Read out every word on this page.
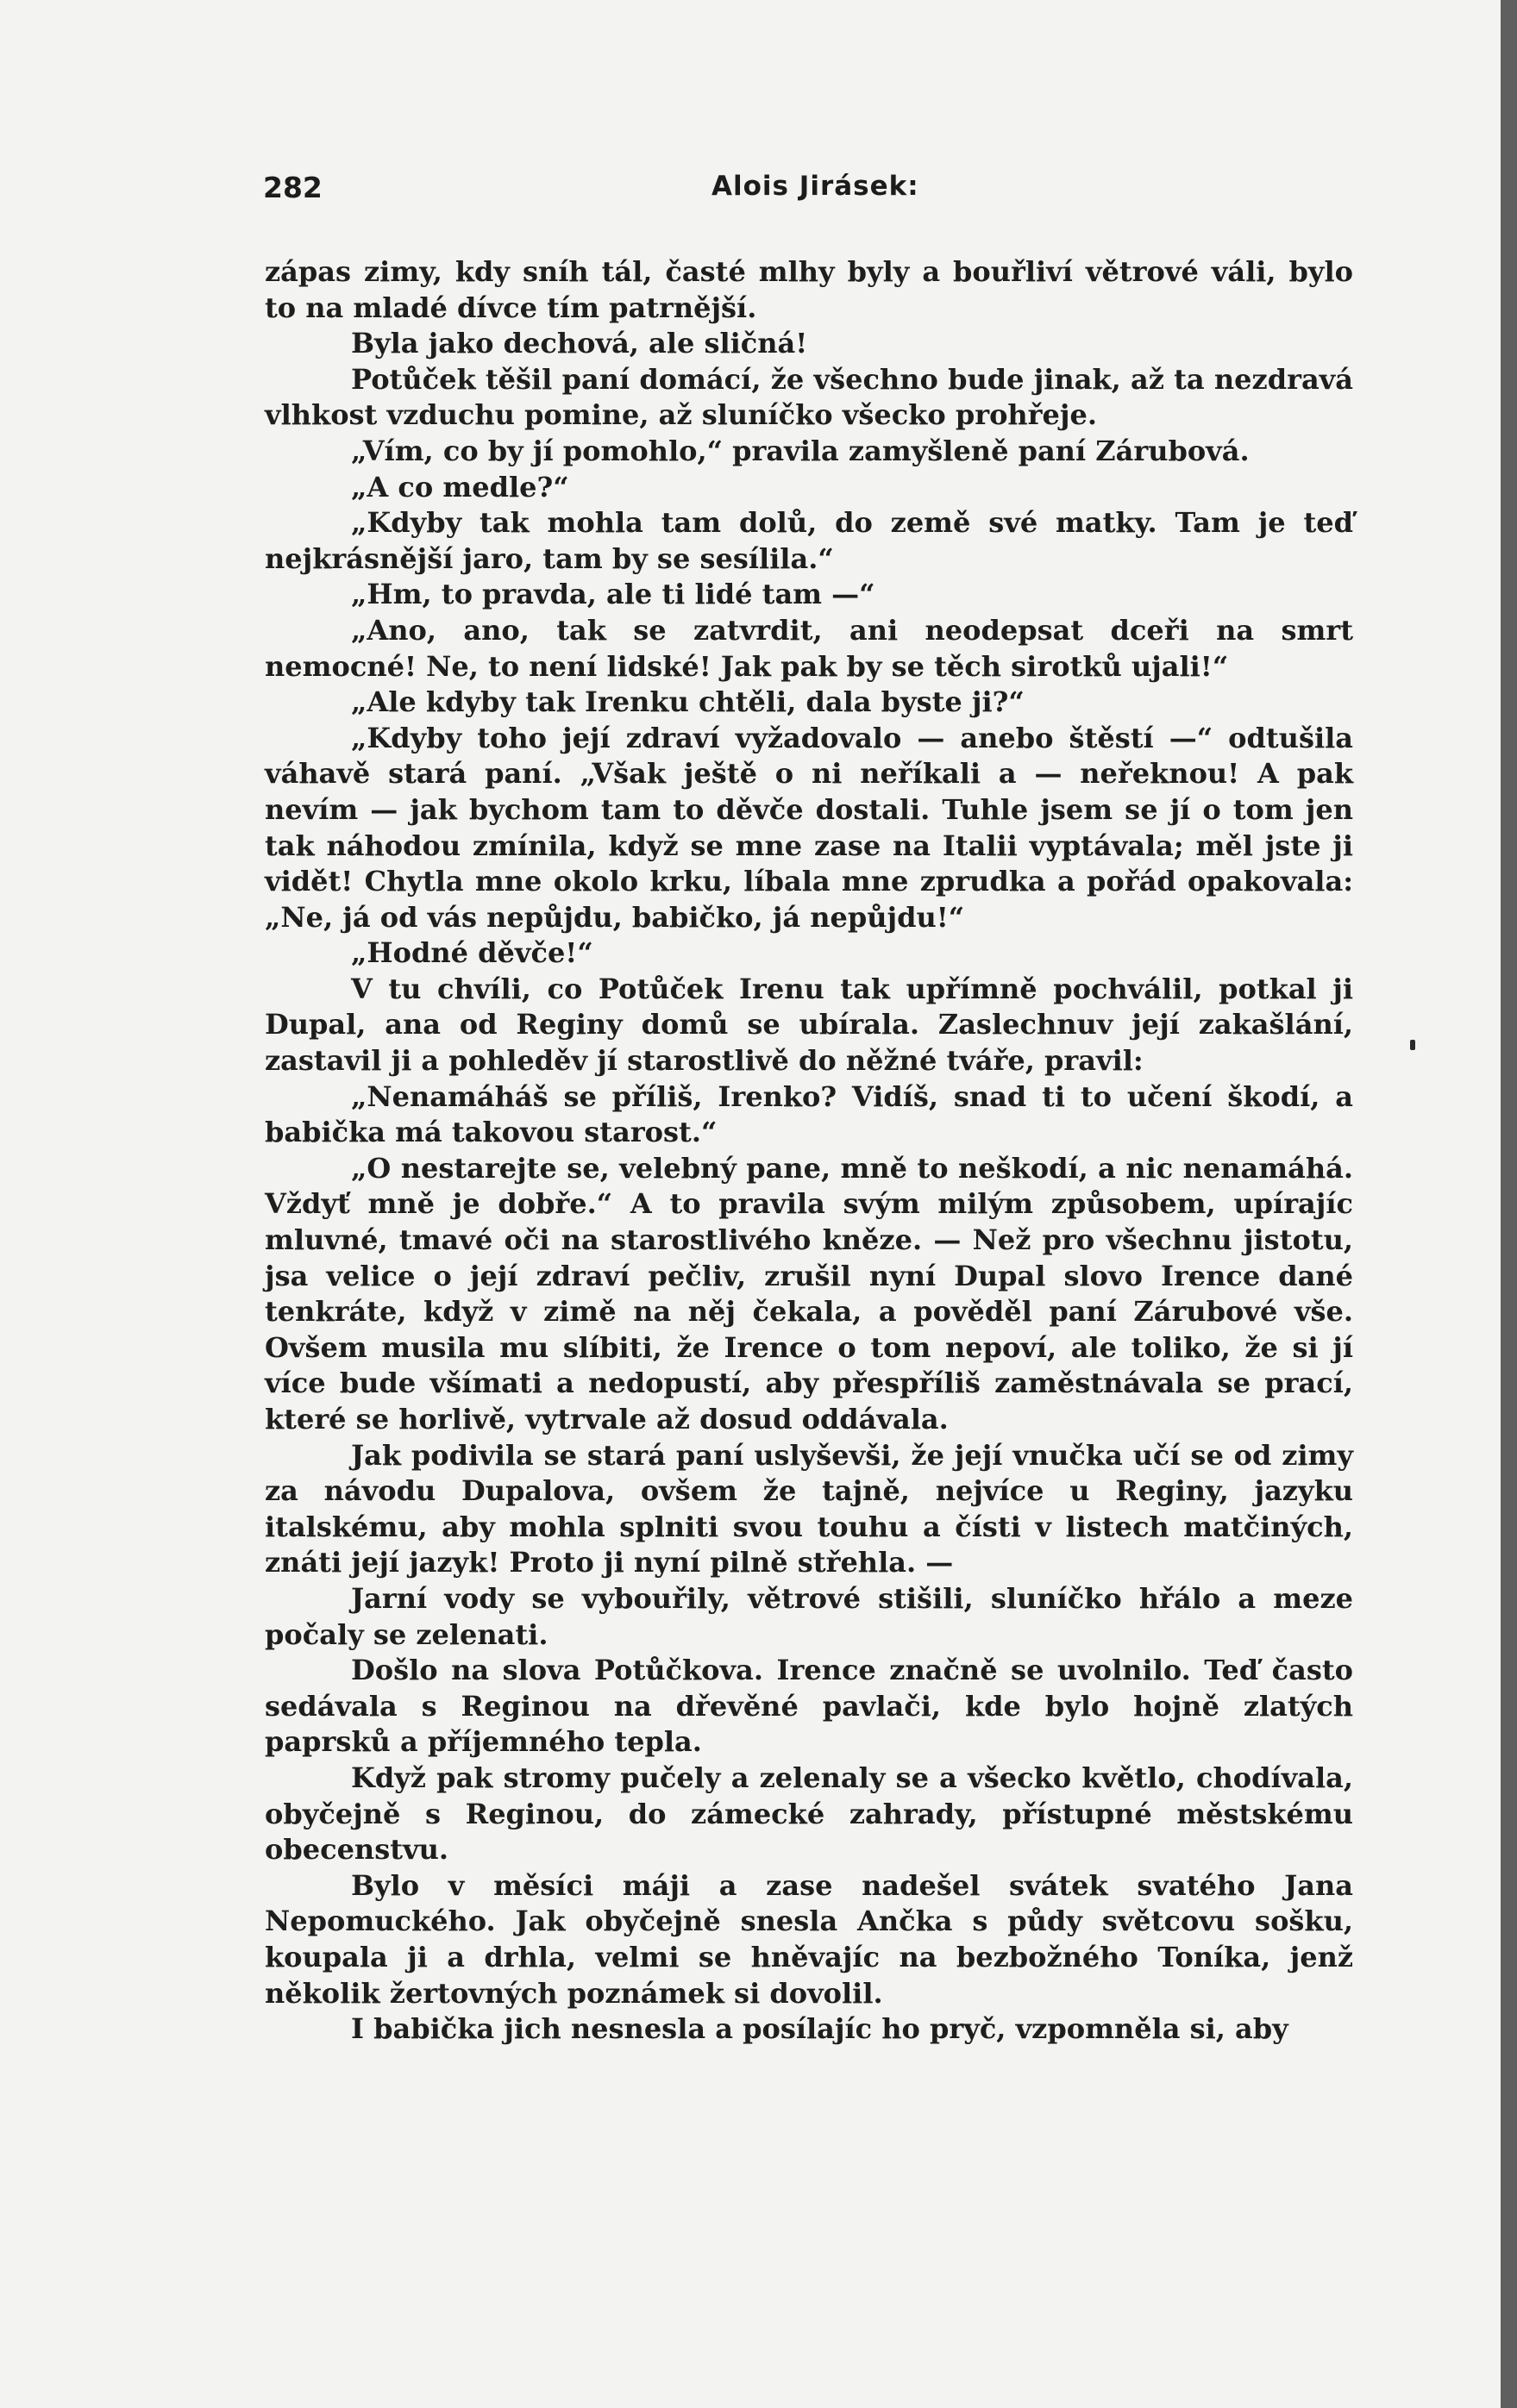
282	Alois Jirásek:

zápas zimy, kdy sníh tál, časté mlhy byly a bouřliví větrové váli, bylo to na mladé dívce tím patrnější.

Byla jako dechová, ale sličná!

Potůček těšil paní domácí, že všechno bude jinak, až ta nezdravá vlhkost vzduchu pomine, až sluníčko všecko prohřeje.

„Vím, co by jí pomohlo,“ pravila zamyšleně paní Zárubová.

„A co medle?“

„Kdyby tak mohla tam dolů, do země své matky. Tam je teď nejkrásnější jaro, tam by se sesílila.“

„Hm, to pravda, ale ti lidé tam —“

„Ano, ano, tak se zatvrdit, ani neodepsat dceři na smrt nemocné! Ne, to není lidské! Jak pak by se těch sirotků ujali!“

„Ale kdyby tak Irenku chtěli, dala byste ji?“

„Kdyby toho její zdraví vyžadovalo — anebo štěstí —“ odtušila váhavě stará paní. „Však ještě o ni neříkali a — neřeknou! A pak nevím — jak bychom tam to děvče dostali. Tuhle jsem se jí o tom jen tak náhodou zmínila, když se mne zase na Italii vyptávala; měl jste ji vidět! Chytla mne okolo krku, líbala mne zprudka a pořád opakovala: „Ne, já od vás nepůjdu, babičko, já nepůjdu!“

„Hodné děvče!“

V tu chvíli, co Potůček Irenu tak upřímně pochválil, potkal ji Dupal, ana od Reginy domů se ubírala. Zaslechnuv její zakašlání, zastavil ji a pohleděv jí starostlivě do něžné tváře, pravil:

„Nenamáháš se příliš, Irenko? Vidíš, snad ti to učení škodí, a babička má takovou starost.“

„O nestarejte se, velebný pane, mně to neškodí, a nic nenamáhá. Vždyť mně je dobře.“ A to pravila svým milým způsobem, upírajíc mluvné, tmavé oči na starostlivého kněze. — Než pro všechnu jistotu, jsa velice o její zdraví pečliv, zrušil nyní Dupal slovo Irence dané tenkráte, když v zimě na něj čekala, a pověděl paní Zárubové vše. Ovšem musila mu slíbiti, že Irence o tom nepoví, ale toliko, že si jí více bude všímati a nedopustí, aby přespříliš zaměstnávala se prací, které se horlivě, vytrvale až dosud oddávala.

Jak podivila se stará paní uslyševši, že její vnučka učí se od zimy za návodu Dupalova, ovšem že tajně, nejvíce u Reginy, jazyku italskému, aby mohla splniti svou touhu a čísti v listech matčiných, znáti její jazyk! Proto ji nyní pilně střehla. —

Jarní vody se vybouřily, větrové stišili, sluníčko hřálo a meze počaly se zelenati.

Došlo na slova Potůčkova. Irence značně se uvolnilo. Teď často sedávala s Reginou na dřevěné pavlači, kde bylo hojně zlatých paprsků a příjemného tepla.

Když pak stromy pučely a zelenaly se a všecko květlo, chodívala, obyčejně s Reginou, do zámecké zahrady, přístupné městskému obecenstvu.

Bylo v měsíci máji a zase nadešel svátek svatého Jana Nepomuckého. Jak obyčejně snesla Ančka s půdy světcovu sošku, koupala ji a drhla, velmi se hněvajíc na bezbožného Toníka, jenž několik žertovných poznámek si dovolil.

I babička jich nesnesla a posílajíc ho pryč, vzpomněla si, aby
